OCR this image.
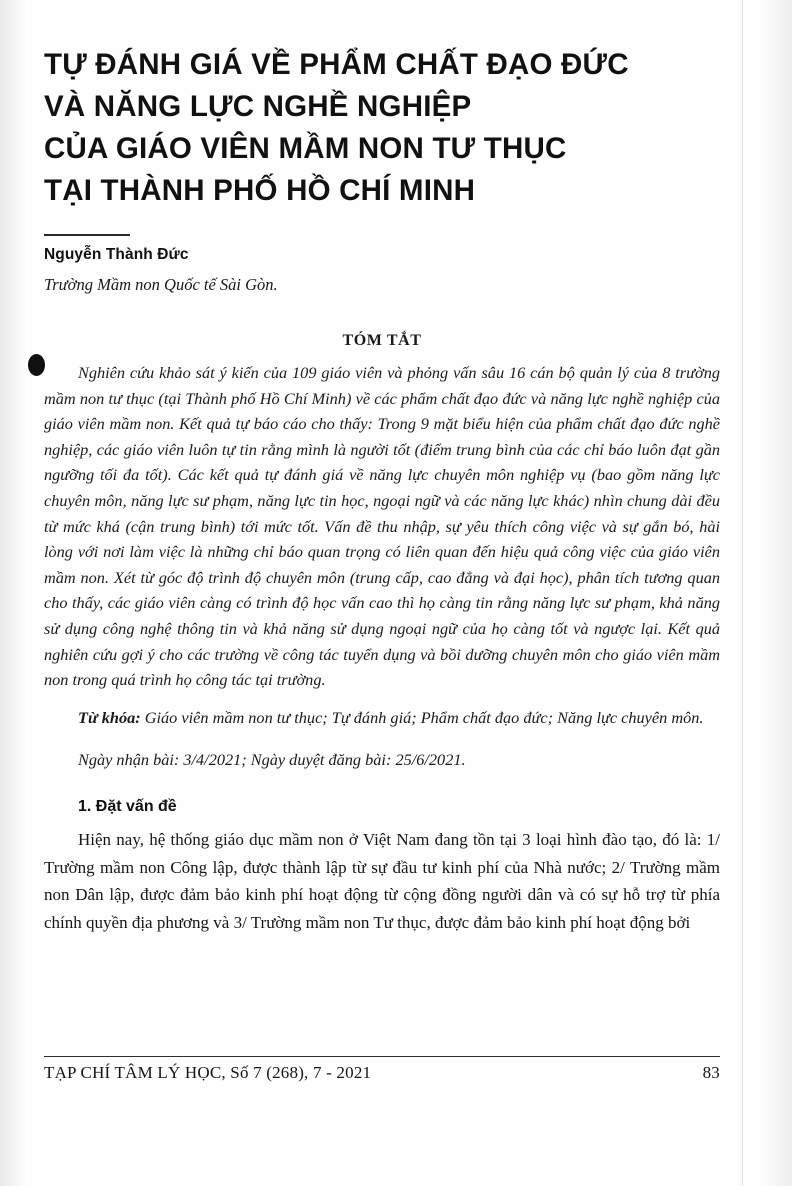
TỰ ĐÁNH GIÁ VỀ PHẨM CHẤT ĐẠO ĐỨC
VÀ NĂNG LỰC NGHỀ NGHIỆP
CỦA GIÁO VIÊN MẦM NON TƯ THỤC
TẠI THÀNH PHỐ HỒ CHÍ MINH
Nguyễn Thành Đức
Trường Mầm non Quốc tế Sài Gòn.
TÓM TẮT

Nghiên cứu khảo sát ý kiến của 109 giáo viên và phỏng vấn sâu 16 cán bộ quản lý của 8 trường mầm non tư thục (tại Thành phố Hồ Chí Minh) về các phẩm chất đạo đức và năng lực nghề nghiệp của giáo viên mầm non. Kết quả tự báo cáo cho thấy: Trong 9 mặt biểu hiện của phẩm chất đạo đức nghề nghiệp, các giáo viên luôn tự tin rằng mình là người tốt (điểm trung bình của các chỉ báo luôn đạt gần ngưỡng tối đa tốt). Các kết quả tự đánh giá về năng lực chuyên môn nghiệp vụ (bao gồm năng lực chuyên môn, năng lực sư phạm, năng lực tin học, ngoại ngữ và các năng lực khác) nhìn chung dài đều từ mức khá (cận trung bình) tới mức tốt. Vấn đề thu nhập, sự yêu thích công việc và sự gắn bó, hài lòng với nơi làm việc là những chỉ báo quan trọng có liên quan đến hiệu quả công việc của giáo viên mầm non. Xét từ góc độ trình độ chuyên môn (trung cấp, cao đẳng và đại học), phân tích tương quan cho thấy, các giáo viên càng có trình độ học vấn cao thì họ càng tin rằng năng lực sư phạm, khả năng sử dụng công nghệ thông tin và khả năng sử dụng ngoại ngữ của họ càng tốt và ngược lại. Kết quả nghiên cứu gợi ý cho các trường về công tác tuyển dụng và bồi dưỡng chuyên môn cho giáo viên mầm non trong quá trình họ công tác tại trường.

Từ khóa: Giáo viên mầm non tư thục; Tự đánh giá; Phẩm chất đạo đức; Năng lực chuyên môn.

Ngày nhận bài: 3/4/2021; Ngày duyệt đăng bài: 25/6/2021.

1. Đặt vấn đề

Hiện nay, hệ thống giáo dục mầm non ở Việt Nam đang tồn tại 3 loại hình đào tạo, đó là: 1/ Trường mầm non Công lập, được thành lập từ sự đầu tư kinh phí của Nhà nước; 2/ Trường mầm non Dân lập, được đảm bảo kinh phí hoạt động từ cộng đồng người dân và có sự hỗ trợ từ phía chính quyền địa phương và 3/ Trường mầm non Tư thục, được đảm bảo kinh phí hoạt động bởi

TẠP CHÍ TÂM LÝ HỌC, Số 7 (268), 7 - 2021	83
